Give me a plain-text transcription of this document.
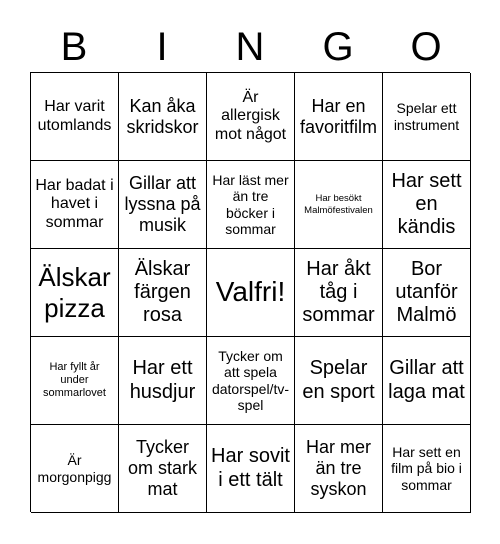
B	I	N	G	O
Har varit utomlands
Kan åka skridskor
Är allergisk mot något
Har en favoritfilm
Spelar ett instrument
Har badat i havet i sommar
Gillar att lyssna på musik
Har läst mer än tre böcker i sommar
Har besökt Malmöfestivalen
Har sett en kändis
Älskar pizza
Älskar färgen rosa
Valfri!
Har åkt tåg i sommar
Bor utanför Malmö
Har fyllt år under sommarlovet
Har ett husdjur
Tycker om att spela datorspel/tv-spel
Spelar en sport
Gillar att laga mat
Är morgonpigg
Tycker om stark mat
Har sovit i ett tält
Har mer än tre syskon
Har sett en film på bio i sommar
